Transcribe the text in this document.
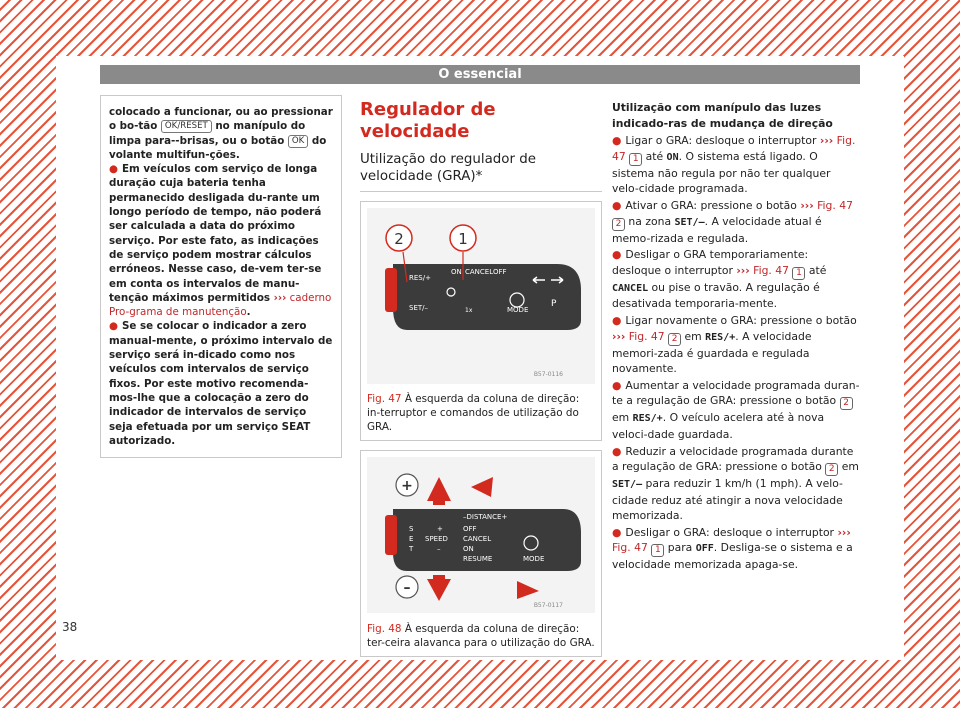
O essencial

colocado a funcionar, ou ao pressionar o bo-tão OK/RESET no manípulo do limpa para--brisas, ou o botão OK do volante multifun-ções.

● Em veículos com serviço de longa duração cuja bateria tenha permanecido desligada du-rante um longo período de tempo, não poderá ser calculada a data do próximo serviço. Por este fato, as indicações de serviço podem mostrar cálculos erróneos. Nesse caso, de-vem ter-se em conta os intervalos de manu-tenção máximos permitidos ››› caderno Pro-grama de manutenção.

● Se se colocar o indicador a zero manual-mente, o próximo intervalo de serviço será in-dicado como nos veículos com intervalos de serviço fixos. Por este motivo recomenda-mos-lhe que a colocação a zero do indicador de intervalos de serviço seja efetuada por um serviço SEAT autorizado.

38
Regulador de velocidade
Utilização do regulador de velocidade (GRA)*
1
2
RES/+
ON CANCEL OFF
SET/–	MODE
1x
P
B57-0116
Fig. 47 À esquerda da coluna de direção: in-terruptor e comandos de utilização do GRA.
+
–
–DISTANCE+
S
E
T
+
SPEED
–
OFF
CANCEL
ON
RESUME	MODE
B57-0117
Fig. 48 À esquerda da coluna de direção: ter-ceira alavanca para o utilização do GRA.

Utilização com manípulo das luzes indicado-ras de mudança de direção

● Ligar o GRA: desloque o interruptor ››› Fig. 47 1 até ON. O sistema está ligado. O sistema não regula por não ter qualquer velo-cidade programada.

● Ativar o GRA: pressione o botão ››› Fig. 47 2 na zona SET/–. A velocidade atual é memo-rizada e regulada.

● Desligar o GRA temporariamente: desloque o interruptor ››› Fig. 47 1 até CANCEL ou pise o travão. A regulação é desativada temporaria-mente.

● Ligar novamente o GRA: pressione o botão ››› Fig. 47 2 em RES/+. A velocidade memori-zada é guardada e regulada novamente.

● Aumentar a velocidade programada duran-te a regulação de GRA: pressione o botão 2 em RES/+. O veículo acelera até à nova veloci-dade guardada.

● Reduzir a velocidade programada durante a regulação de GRA: pressione o botão 2 em SET/– para reduzir 1 km/h (1 mph). A velo-cidade reduz até atingir a nova velocidade memorizada.

● Desligar o GRA: desloque o interruptor ››› Fig. 47 1 para OFF. Desliga-se o sistema e a velocidade memorizada apaga-se.
